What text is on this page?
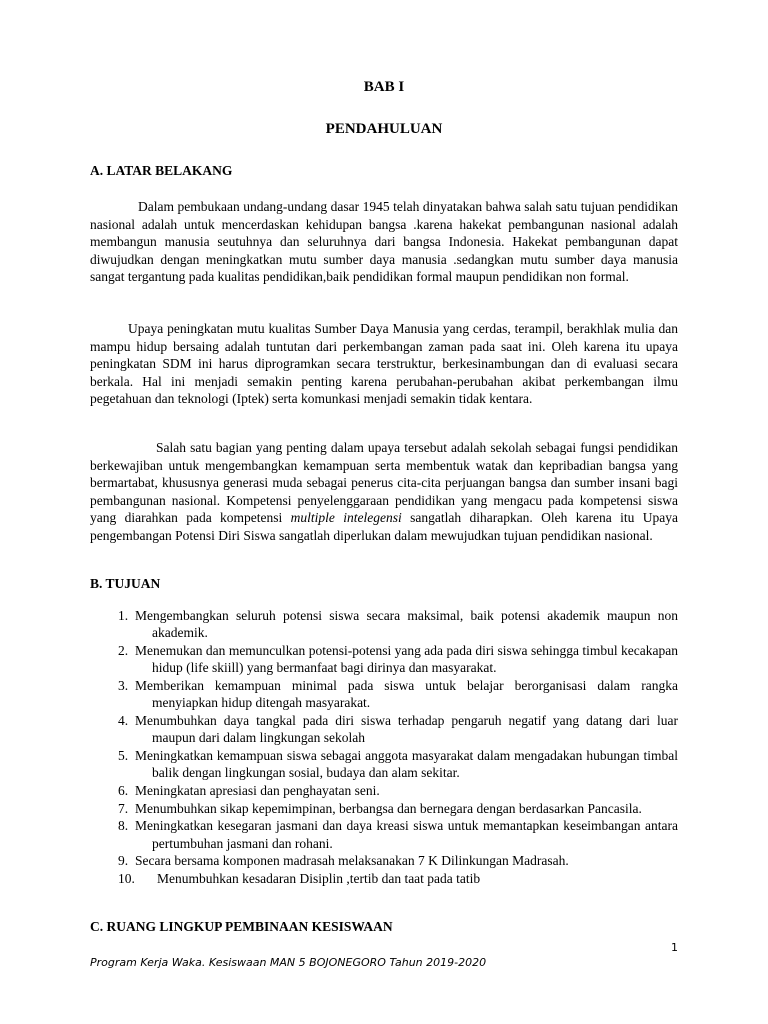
BAB I
PENDAHULUAN
A. LATAR BELAKANG

Dalam pembukaan undang-undang dasar 1945 telah dinyatakan bahwa salah satu tujuan pendidikan nasional adalah untuk mencerdaskan kehidupan bangsa .karena hakekat pembangunan nasional adalah membangun manusia seutuhnya dan seluruhnya dari bangsa Indonesia. Hakekat pembangunan dapat diwujudkan dengan meningkatkan mutu sumber daya manusia .sedangkan mutu sumber daya manusia sangat tergantung pada kualitas pendidikan,baik pendidikan formal maupun pendidikan non formal.

Upaya peningkatan mutu kualitas Sumber Daya Manusia yang cerdas, terampil, berakhlak mulia dan mampu hidup bersaing adalah tuntutan dari perkembangan zaman pada saat ini. Oleh karena itu upaya peningkatan SDM ini harus diprogramkan secara terstruktur, berkesinambungan dan di evaluasi secara berkala. Hal ini menjadi semakin penting karena perubahan-perubahan akibat perkembangan ilmu pegetahuan dan teknologi (Iptek) serta komunkasi menjadi semakin tidak kentara.

Salah satu bagian yang penting dalam upaya tersebut adalah sekolah sebagai fungsi pendidikan berkewajiban untuk mengembangkan kemampuan serta membentuk watak dan kepribadian bangsa yang bermartabat, khususnya generasi muda sebagai penerus cita-cita perjuangan bangsa dan sumber insani bagi pembangunan nasional. Kompetensi penyelenggaraan pendidikan yang mengacu pada kompetensi siswa yang diarahkan pada kompetensi multiple intelegensi sangatlah diharapkan. Oleh karena itu Upaya pengembangan Potensi Diri Siswa sangatlah diperlukan dalam mewujudkan tujuan pendidikan nasional.

B. TUJUAN
1. Mengembangkan seluruh potensi siswa secara maksimal, baik potensi akademik maupun non akademik.
2. Menemukan dan memunculkan potensi-potensi yang ada pada diri siswa sehingga timbul kecakapan hidup (life skiill) yang bermanfaat bagi dirinya dan masyarakat.
3. Memberikan kemampuan minimal pada siswa untuk belajar berorganisasi dalam rangka menyiapkan hidup ditengah masyarakat.
4. Menumbuhkan daya tangkal pada diri siswa terhadap pengaruh negatif yang datang dari luar maupun dari dalam lingkungan sekolah
5. Meningkatkan kemampuan siswa sebagai anggota masyarakat dalam mengadakan hubungan timbal balik dengan lingkungan sosial, budaya dan alam sekitar.
6. Meningkatan apresiasi dan penghayatan seni.
7. Menumbuhkan sikap kepemimpinan, berbangsa dan bernegara dengan berdasarkan Pancasila.
8. Meningkatkan kesegaran jasmani dan daya kreasi siswa untuk memantapkan keseimbangan antara pertumbuhan jasmani dan rohani.
9. Secara bersama komponen madrasah melaksanakan 7 K Dilinkungan Madrasah.
10.	Menumbuhkan kesadaran Disiplin ,tertib dan taat pada tatib
C. RUANG LINGKUP PEMBINAAN KESISWAAN
1
Program Kerja Waka. Kesiswaan MAN 5 BOJONEGORO Tahun 2019-2020
